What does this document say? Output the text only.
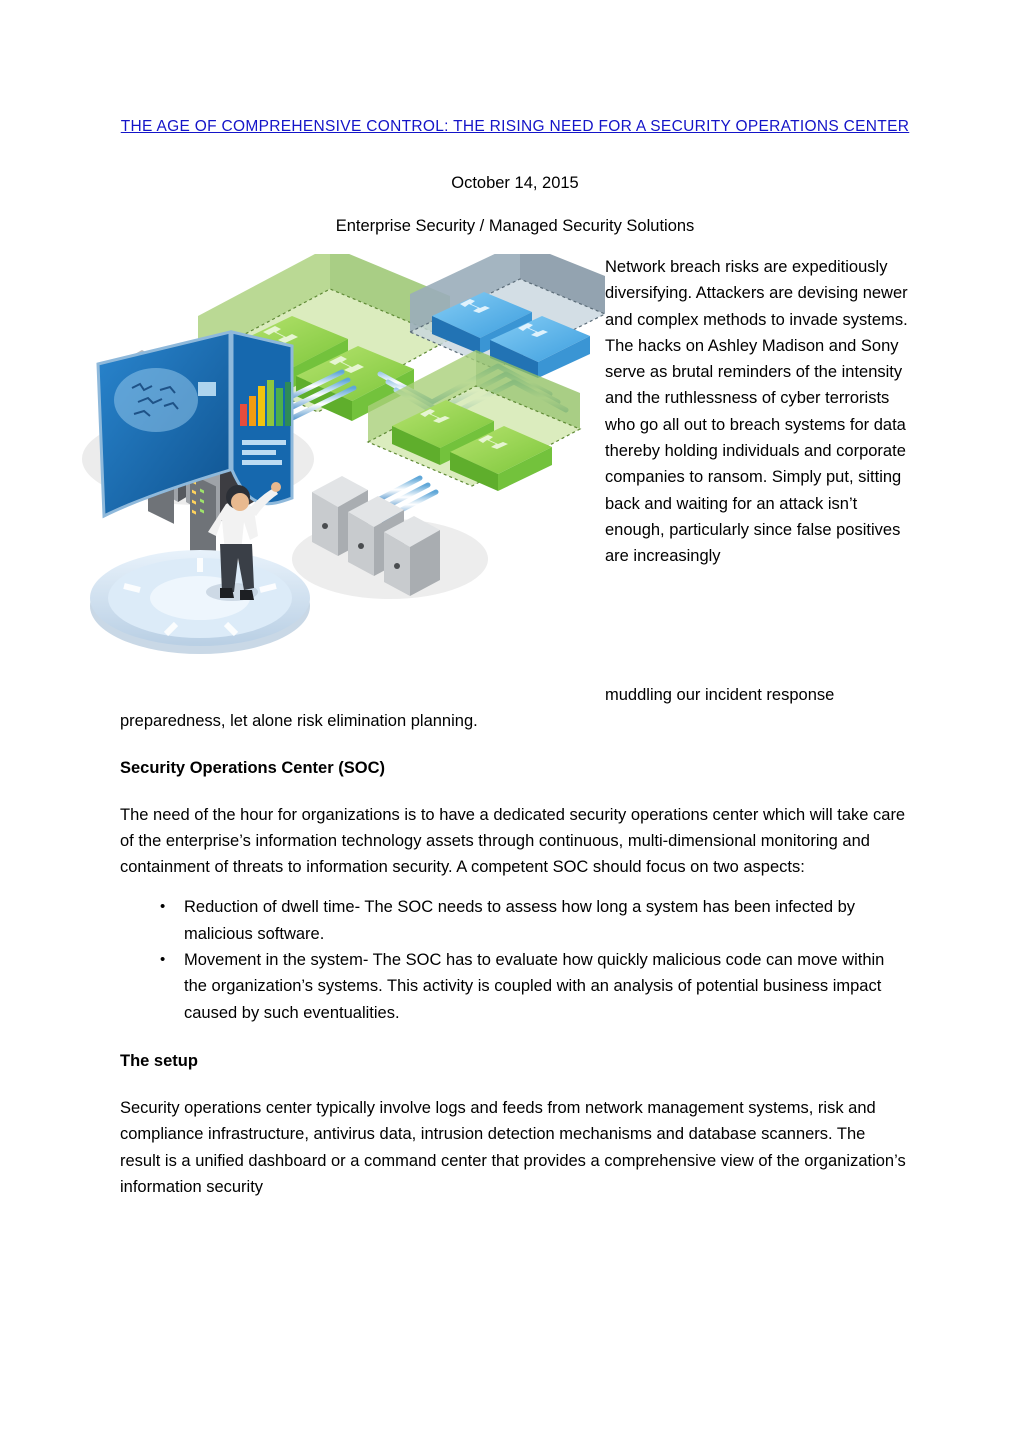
THE AGE OF COMPREHENSIVE CONTROL: THE RISING NEED FOR A SECURITY OPERATIONS CENTER
October 14, 2015
Enterprise Security / Managed Security Solutions

Network breach risks are expeditiously diversifying. Attackers are devising newer and complex methods to invade systems. The hacks on Ashley Madison and Sony serve as brutal reminders of the intensity and the ruthlessness of cyber terrorists who go all out to breach systems for data thereby holding individuals and corporate companies to ransom. Simply put, sitting back and waiting for an attack isn’t enough, particularly since false positives are increasingly

muddling our incident response preparedness, let alone risk elimination planning.

Security Operations Center (SOC)

The need of the hour for organizations is to have a dedicated security operations center which will take care of the enterprise’s information technology assets through continuous, multi-dimensional monitoring and containment of threats to information security. A competent SOC should focus on two aspects:

• Reduction of dwell time- The SOC needs to assess how long a system has been infected by malicious software.
• Movement in the system- The SOC has to evaluate how quickly malicious code can move within the organization’s systems. This activity is coupled with an analysis of potential business impact caused by such eventualities.
The setup

Security operations center typically involve logs and feeds from network management systems, risk and compliance infrastructure, antivirus data, intrusion detection mechanisms and database scanners. The result is a unified dashboard or a command center that provides a comprehensive view of the organization’s information security
